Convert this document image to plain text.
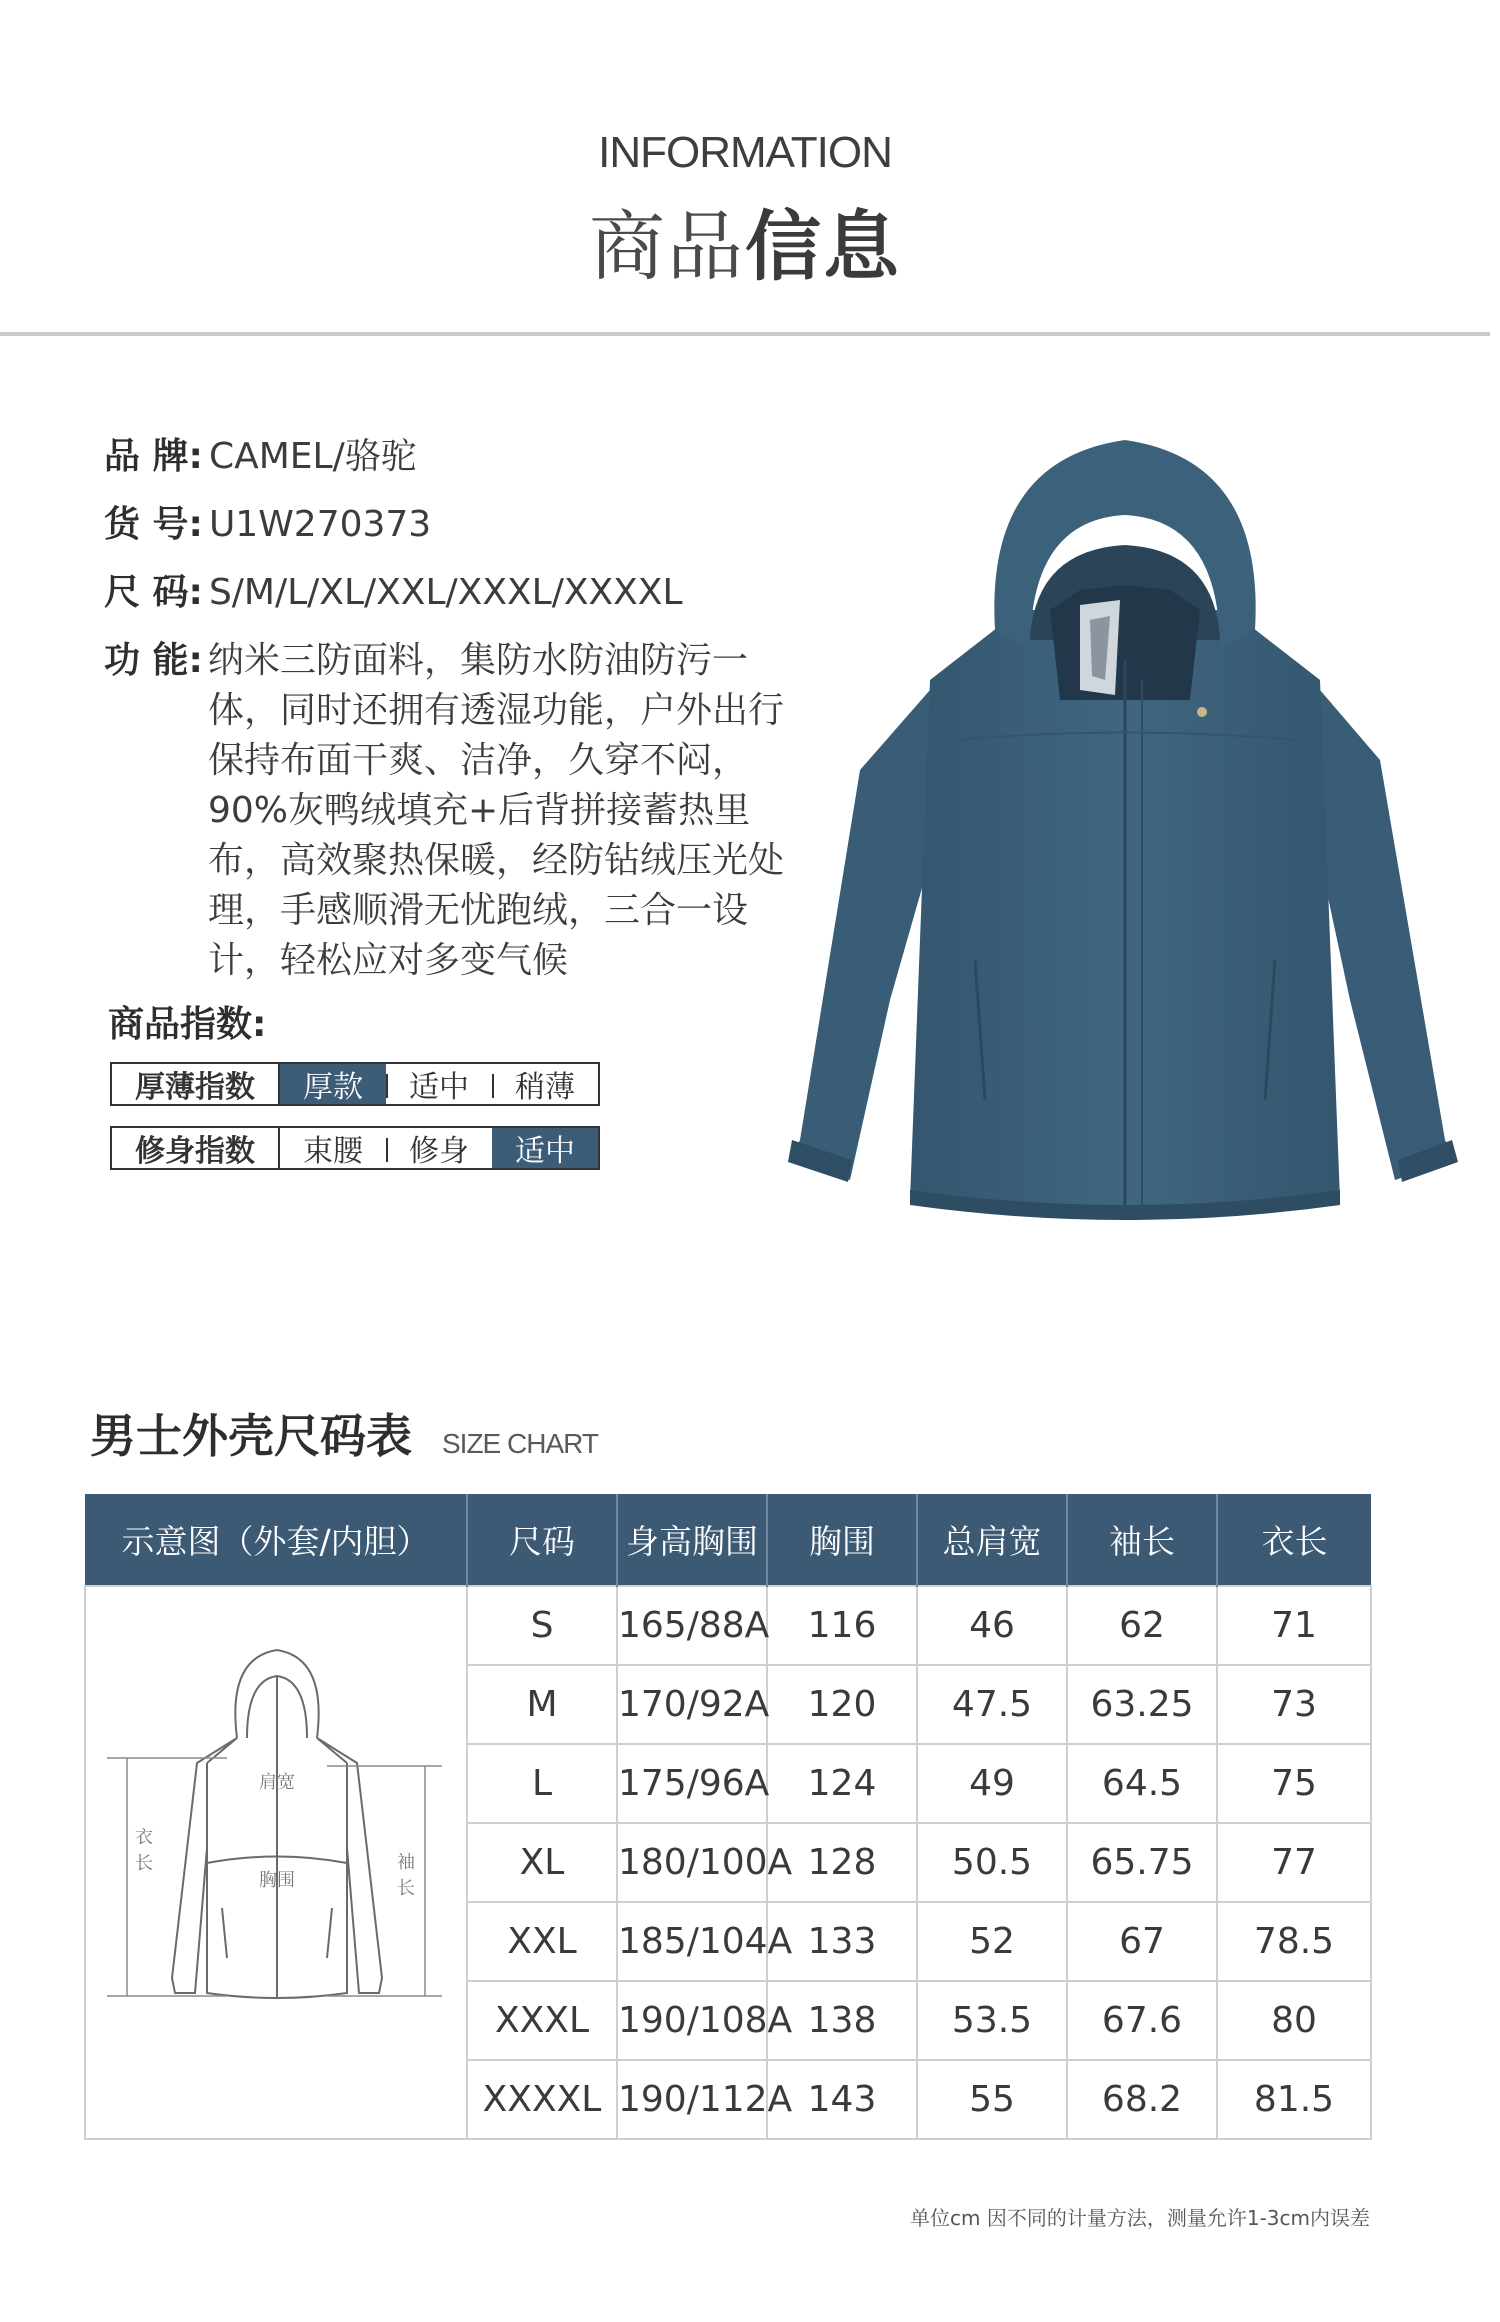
INFORMATION
商品信息
品 牌: CAMEL/骆驼
货 号: U1W270373
尺 码: S/M/L/XL/XXL/XXXL/XXXXL
功 能: 纳米三防面料，集防水防油防污一体，同时还拥有透湿功能，户外出行保持布面干爽、洁净，久穿不闷，90%灰鸭绒填充+后背拼接蓄热里布，高效聚热保暖，经防钻绒压光处理，手感顺滑无忧跑绒，三合一设计，轻松应对多变气候
商品指数:
厚薄指数	厚款	适中	稍薄
修身指数	束腰	修身	适中
男士外壳尺码表 SIZE CHART
示意图（外套/内胆）	尺码	身高胸围	胸围	总肩宽	袖长	衣长

衣长
肩宽
胸围
袖长	S	165/88A	116	46	62	71
	M	170/92A	120	47.5	63.25	73
	L	175/96A	124	49	64.5	75
	XL	180/100A	128	50.5	65.75	77
	XXL	185/104A	133	52	67	78.5
	XXXL	190/108A	138	53.5	67.6	80
	XXXXL	190/112A	143	55	68.2	81.5
单位cm 因不同的计量方法，测量允许1-3cm内误差
